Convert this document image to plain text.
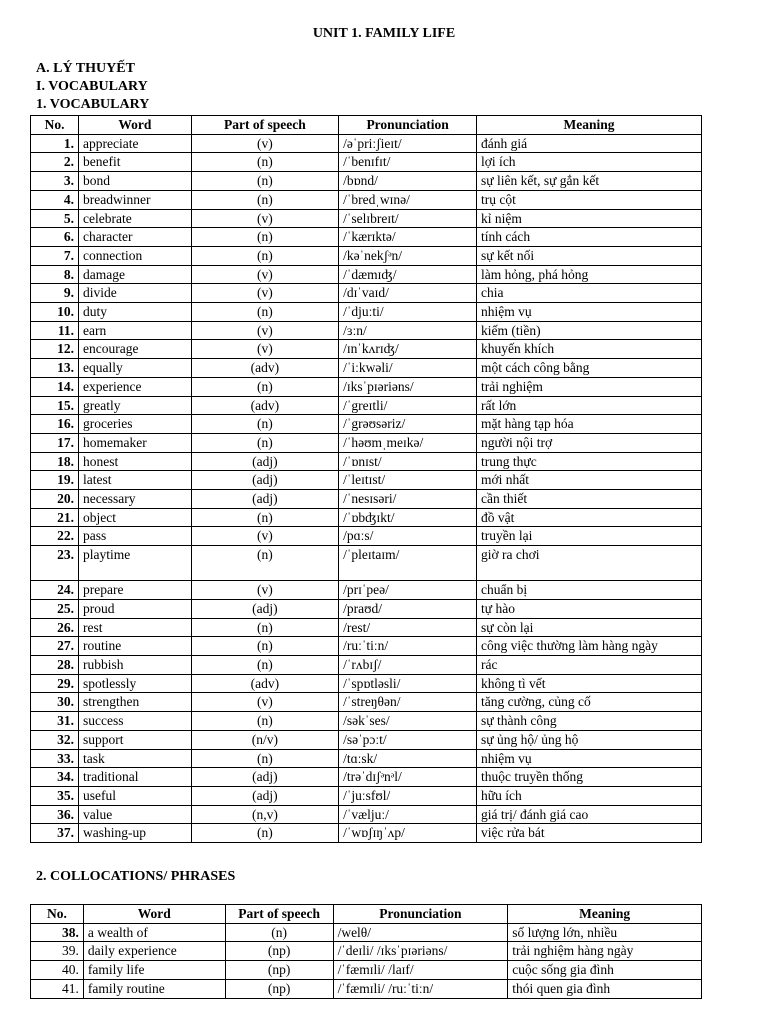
UNIT 1. FAMILY LIFE
A. LÝ THUYẾT
I. VOCABULARY
1. VOCABULARY
No.	Word	Part of speech	Pronunciation	Meaning
1.	appreciate	(v)	/əˈpriːʃieɪt/	đánh giá
2.	benefit	(n)	/ˈbenɪfɪt/	lợi ích
3.	bond	(n)	/bɒnd/	sự liên kết, sự gắn kết
4.	breadwinner	(n)	/ˈbredˌwɪnə/	trụ cột
5.	celebrate	(v)	/ˈselɪbreɪt/	kỉ niệm
6.	character	(n)	/ˈkærɪktə/	tính cách
7.	connection	(n)	/kəˈnekʃᵊn/	sự kết nối
8.	damage	(v)	/ˈdæmɪʤ/	làm hỏng, phá hỏng
9.	divide	(v)	/dɪˈvaɪd/	chia
10.	duty	(n)	/ˈdjuːti/	nhiệm vụ
11.	earn	(v)	/ɜːn/	kiếm (tiền)
12.	encourage	(v)	/ɪnˈkʌrɪʤ/	khuyến khích
13.	equally	(adv)	/ˈiːkwəli/	một cách công bằng
14.	experience	(n)	/ɪksˈpɪəriəns/	trải nghiệm
15.	greatly	(adv)	/ˈgreɪtli/	rất lớn
16.	groceries	(n)	/ˈgrəʊsəriz/	mặt hàng tạp hóa
17.	homemaker	(n)	/ˈhəʊmˌmeɪkə/	người nội trợ
18.	honest	(adj)	/ˈɒnɪst/	trung thực
19.	latest	(adj)	/ˈleɪtɪst/	mới nhất
20.	necessary	(adj)	/ˈnesɪsəri/	cần thiết
21.	object	(n)	/ˈɒbʤɪkt/	đồ vật
22.	pass	(v)	/pɑːs/	truyền lại
23.	playtime	(n)	/ˈpleɪtaɪm/	giờ ra chơi
24.	prepare	(v)	/prɪˈpeə/	chuẩn bị
25.	proud	(adj)	/praʊd/	tự hào
26.	rest	(n)	/rest/	sự còn lại
27.	routine	(n)	/ruːˈtiːn/	công việc thường làm hàng ngày
28.	rubbish	(n)	/ˈrʌbɪʃ/	rác
29.	spotlessly	(adv)	/ˈspɒtləsli/	không tì vết
30.	strengthen	(v)	/ˈstreŋθən/	tăng cường, củng cố
31.	success	(n)	/səkˈses/	sự thành công
32.	support	(n/v)	/səˈpɔːt/	sự ủng hộ/ ủng hộ
33.	task	(n)	/tɑːsk/	nhiệm vụ
34.	traditional	(adj)	/trəˈdɪʃᵊnᵊl/	thuộc truyền thống
35.	useful	(adj)	/ˈjuːsfʊl/	hữu ích
36.	value	(n,v)	/ˈvæljuː/	giá trị/ đánh giá cao
37.	washing-up	(n)	/ˈwɒʃɪŋˈʌp/	việc rửa bát
2. COLLOCATIONS/ PHRASES
No.	Word	Part of speech	Pronunciation	Meaning
38.	a wealth of	(n)	/welθ/	số lượng lớn, nhiều
39.	daily experience	(np)	/ˈdeɪli/ /ɪksˈpɪəriəns/	trải nghiệm hàng ngày
40.	family life	(np)	/ˈfæmɪli/ /laɪf/	cuộc sống gia đình
41.	family routine	(np)	/ˈfæmɪli/ /ruːˈtiːn/	thói quen gia đình
